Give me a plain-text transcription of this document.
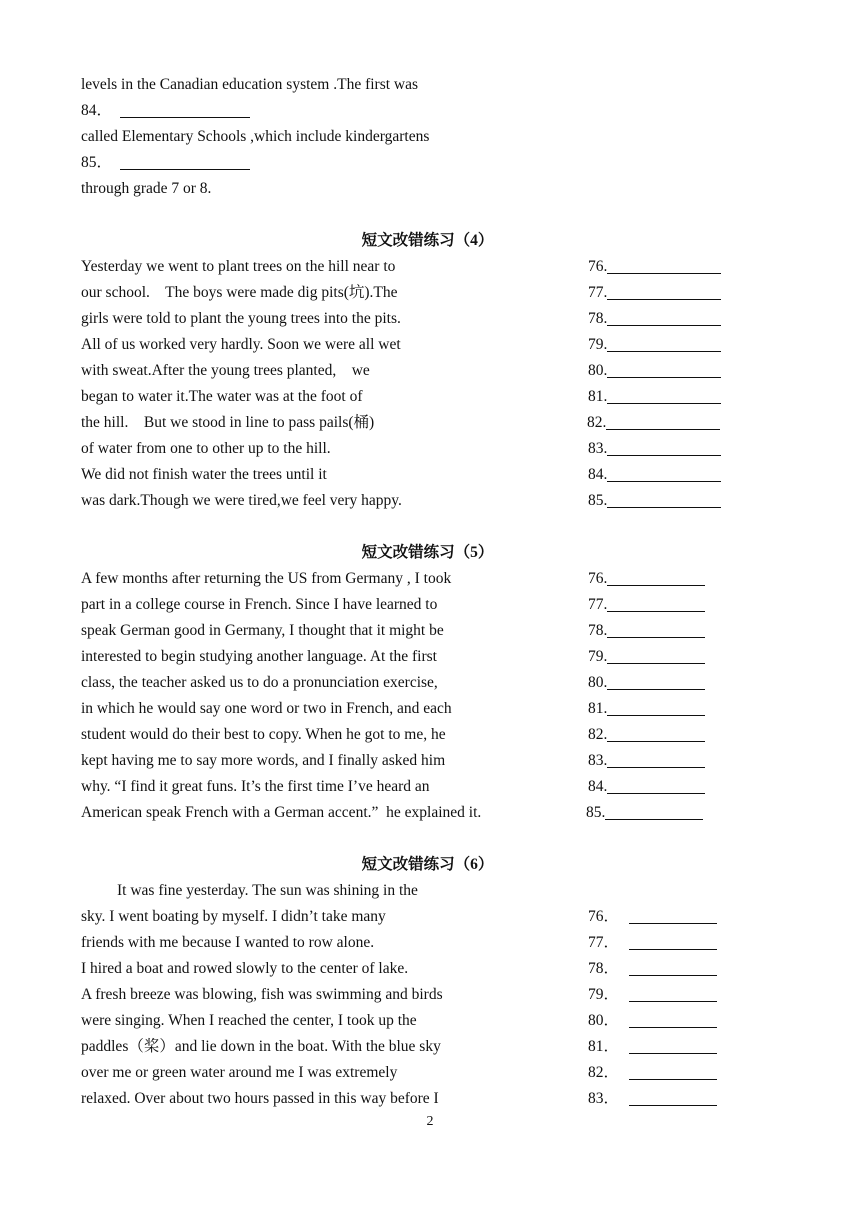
levels in the Canadian education system .The first was
84．
called Elementary Schools ,which include kindergartens
85．
through grade 7 or 8.
短文改错练习（4）
Yesterday we went to plant trees on the hill near to
our school.    The boys were made dig pits(坑).The
girls were told to plant the young trees into the pits.
All of us worked very hardly. Soon we were all wet
with sweat.After the young trees planted,    we
began to water it.The water was at the foot of
the hill.    But we stood in line to pass pails(桶)
of water from one to other up to the hill.
We did not finish water the trees until it
was dark.Though we were tired,we feel very happy.
76.
77.
78.
79.
80.
81.
82.
83.
84.
85.
短文改错练习（5）
A few months after returning the US from Germany , I took
part in a college course in French. Since I have learned to
speak German good in Germany, I thought that it might be
interested to begin studying another language. At the first
class, the teacher asked us to do a pronunciation exercise,
in which he would say one word or two in French, and each
student would do their best to copy. When he got to me, he
kept having me to say more words, and I finally asked him
why. “I find it great funs. It’s the first time I’ve heard an
American speak French with a German accent.”  he explained it.
76.
77.
78.
79.
80.
81.
82.
83.
84.
85.
短文改错练习（6）
It was fine yesterday. The sun was shining in the
sky. I went boating by myself. I didn’t take many
friends with me because I wanted to row alone.
I hired a boat and rowed slowly to the center of lake.
A fresh breeze was blowing, fish was swimming and birds
were singing. When I reached the center, I took up the
paddles（桨）and lie down in the boat. With the blue sky
over me or green water around me I was extremely
relaxed. Over about two hours passed in this way before I
76．
77．
78．
79．
80．
81．
82．
83．
2
